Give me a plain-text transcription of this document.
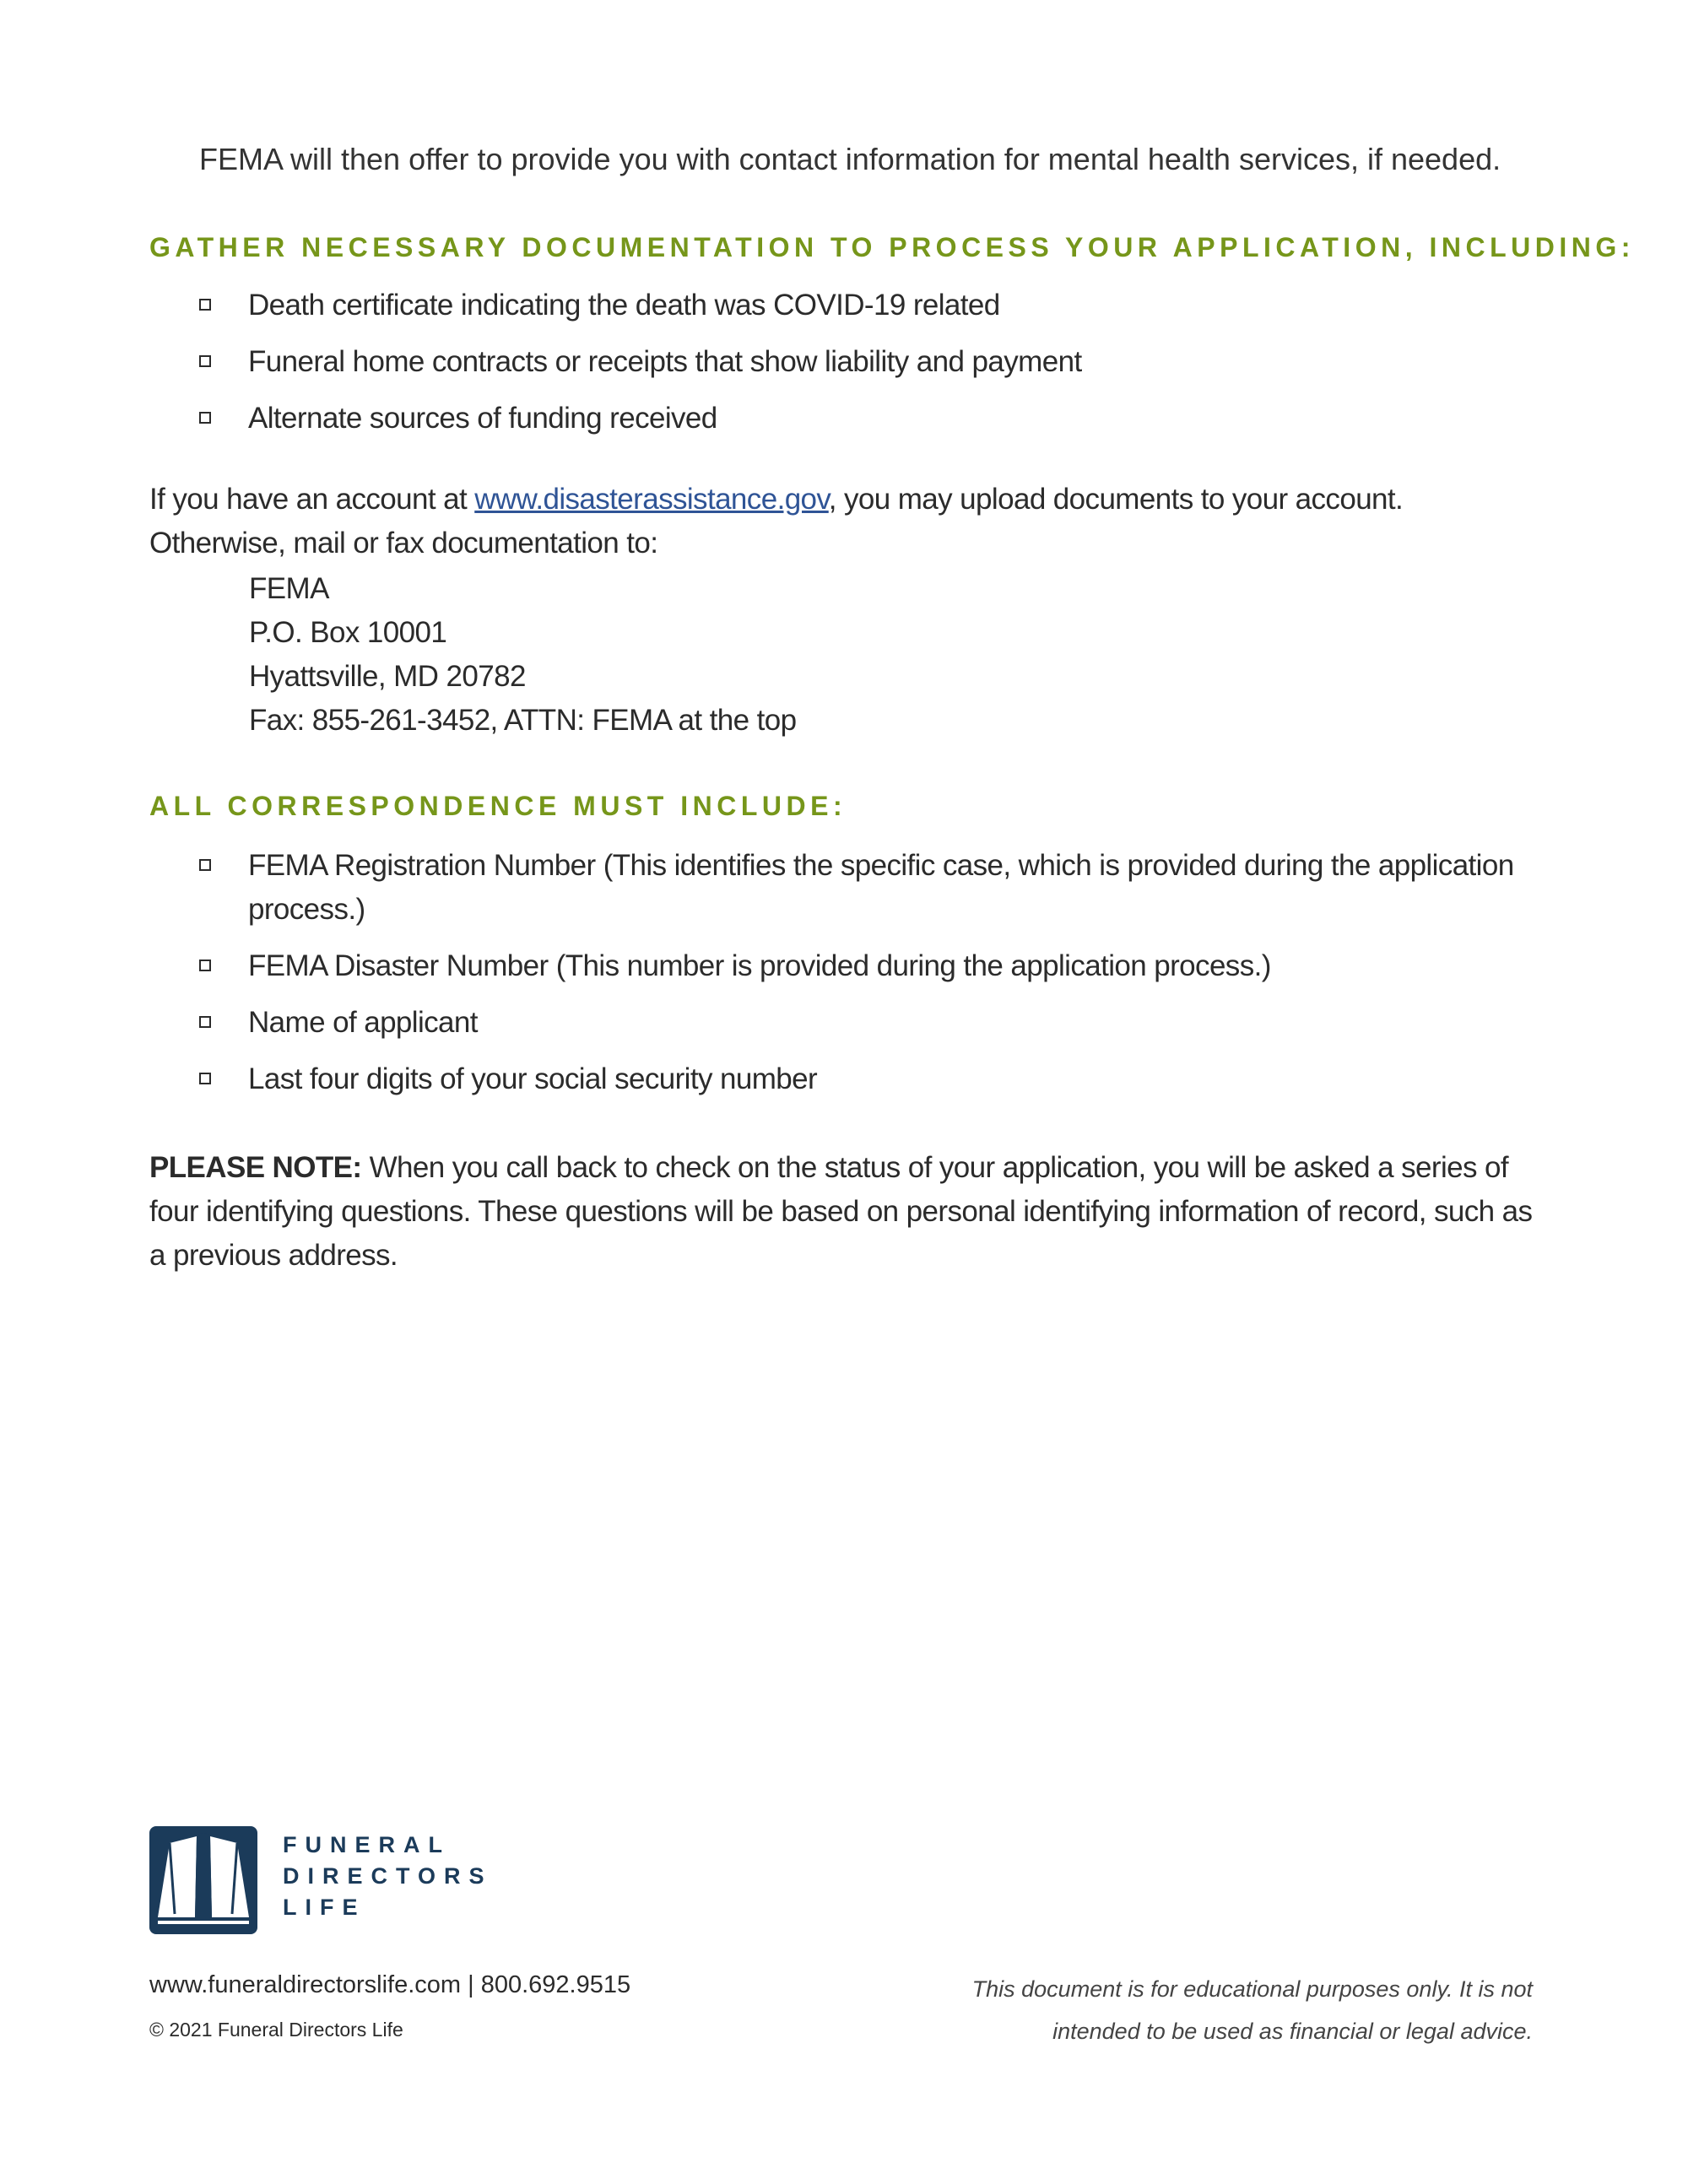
FEMA will then offer to provide you with contact information for mental health services, if needed.
GATHER NECESSARY DOCUMENTATION TO PROCESS YOUR APPLICATION, INCLUDING:
Death certificate indicating the death was COVID-19 related
Funeral home contracts or receipts that show liability and payment
Alternate sources of funding received
If you have an account at www.disasterassistance.gov, you may upload documents to your account. Otherwise, mail or fax documentation to:
FEMA
P.O. Box 10001
Hyattsville, MD 20782
Fax: 855-261-3452, ATTN: FEMA at the top
ALL CORRESPONDENCE MUST INCLUDE:
FEMA Registration Number (This identifies the specific case, which is provided during the application process.)
FEMA Disaster Number (This number is provided during the application process.)
Name of applicant
Last four digits of your social security number
PLEASE NOTE: When you call back to check on the status of your application, you will be asked a series of four identifying questions. These questions will be based on personal identifying information of record, such as a previous address.
FUNERAL
DIRECTORS
LIFE
www.funeraldirectorslife.com | 800.692.9515
© 2021 Funeral Directors Life
This document is for educational purposes only. It is not
intended to be used as financial or legal advice.
